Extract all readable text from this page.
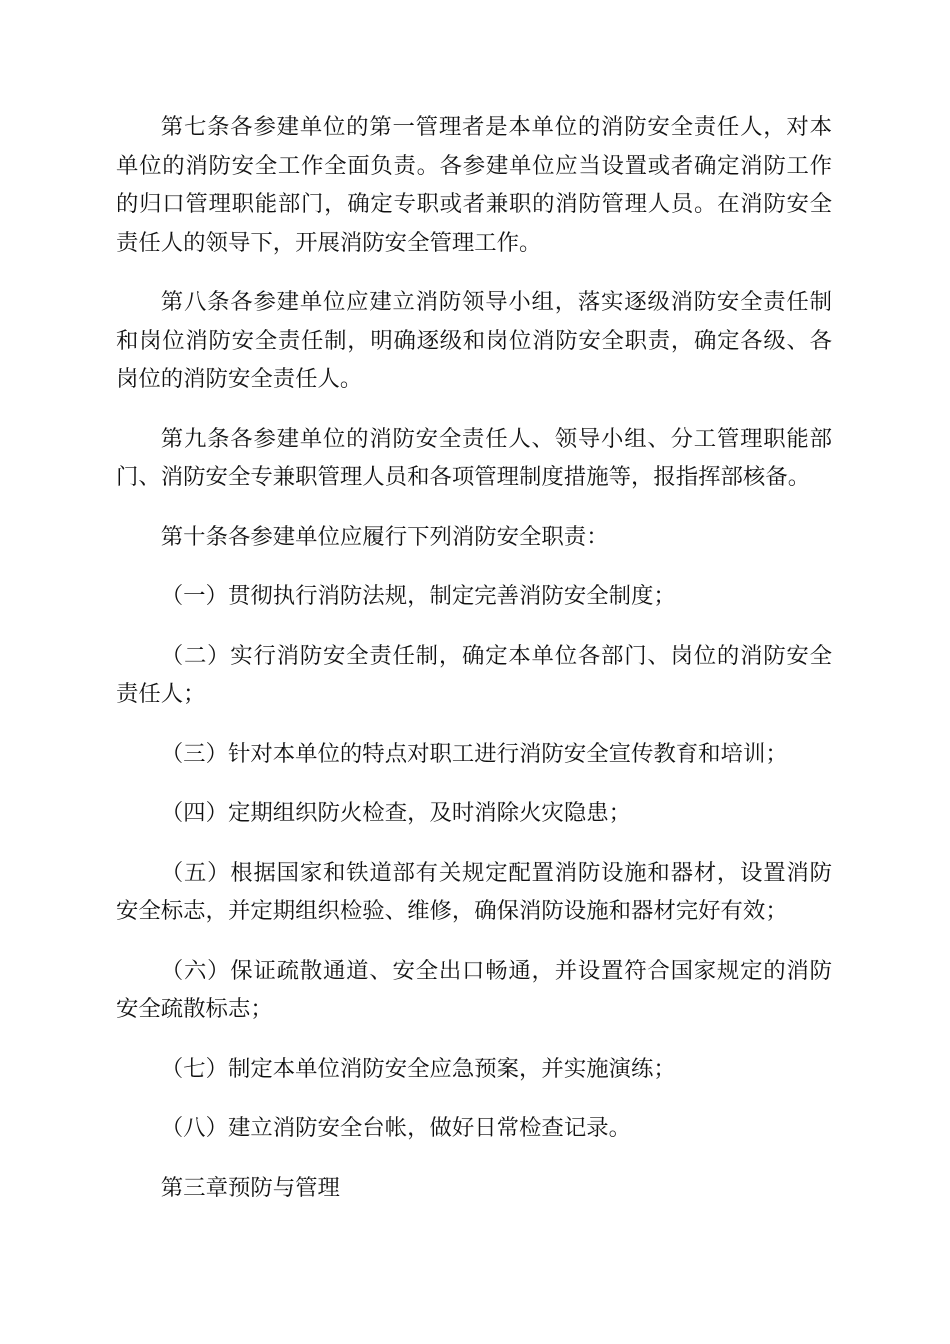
第七条各参建单位的第一管理者是本单位的消防安全责任人，对本单位的消防安全工作全面负责。各参建单位应当设置或者确定消防工作的归口管理职能部门，确定专职或者兼职的消防管理人员。在消防安全责任人的领导下，开展消防安全管理工作。

第八条各参建单位应建立消防领导小组，落实逐级消防安全责任制和岗位消防安全责任制，明确逐级和岗位消防安全职责，确定各级、各岗位的消防安全责任人。

第九条各参建单位的消防安全责任人、领导小组、分工管理职能部门、消防安全专兼职管理人员和各项管理制度措施等，报指挥部核备。

第十条各参建单位应履行下列消防安全职责：

（一）贯彻执行消防法规，制定完善消防安全制度；

（二）实行消防安全责任制，确定本单位各部门、岗位的消防安全责任人；

（三）针对本单位的特点对职工进行消防安全宣传教育和培训；

（四）定期组织防火检查，及时消除火灾隐患；

（五）根据国家和铁道部有关规定配置消防设施和器材，设置消防安全标志，并定期组织检验、维修，确保消防设施和器材完好有效；

（六）保证疏散通道、安全出口畅通，并设置符合国家规定的消防安全疏散标志；

（七）制定本单位消防安全应急预案，并实施演练；

（八）建立消防安全台帐，做好日常检查记录。

第三章预防与管理
